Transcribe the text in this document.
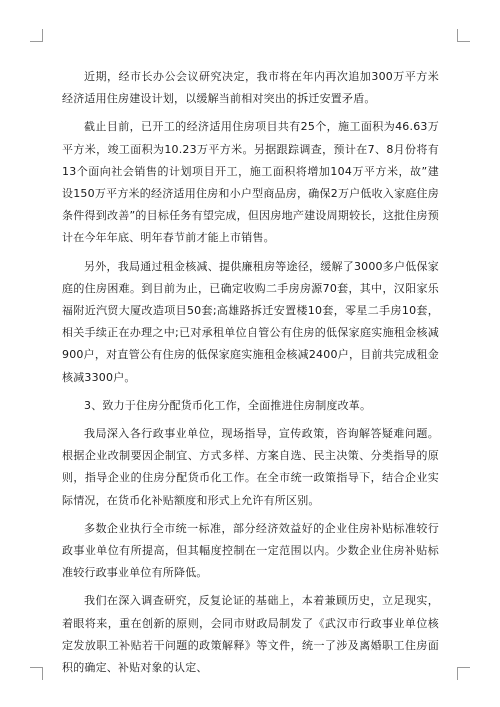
近期，经市长办公会议研究决定，我市将在年内再次追加300万平方米经济适用住房建设计划，以缓解当前相对突出的拆迁安置矛盾。

截止目前，已开工的经济适用住房项目共有25个，施工面积为46.63万平方米，竣工面积为10.23万平方米。另据跟踪调查，预计在7、8月份将有13个面向社会销售的计划项目开工，施工面积将增加104万平方米，故”建设150万平方米的经济适用住房和小户型商品房，确保2万户低收入家庭住房条件得到改善”的目标任务有望完成，但因房地产建设周期较长，这批住房预计在今年年底、明年春节前才能上市销售。

另外，我局通过租金核减、提供廉租房等途径，缓解了3000多户低保家庭的住房困难。到目前为止，已确定收购二手房房源70套，其中，汉阳家乐福附近汽贸大厦改造项目50套;高雄路拆迁安置楼10套，零星二手房10套，相关手续正在办理之中;已对承租单位自管公有住房的低保家庭实施租金核减900户，对直管公有住房的低保家庭实施租金核减2400户，目前共完成租金核减3300户。

3、致力于住房分配货币化工作，全面推进住房制度改革。

我局深入各行政事业单位，现场指导，宣传政策，咨询解答疑难问题。根据企业改制要因企制宜、方式多样、方案自选、民主决策、分类指导的原则，指导企业的住房分配货币化工作。在全市统一政策指导下，结合企业实际情况，在货币化补贴额度和形式上允许有所区别。

多数企业执行全市统一标准，部分经济效益好的企业住房补贴标准较行政事业单位有所提高，但其幅度控制在一定范围以内。少数企业住房补贴标准较行政事业单位有所降低。

我们在深入调查研究，反复论证的基础上，本着兼顾历史，立足现实，着眼将来，重在创新的原则，会同市财政局制发了《武汉市行政事业单位核定发放职工补贴若干问题的政策解释》等文件，统一了涉及离婚职工住房面积的确定、补贴对象的认定、
